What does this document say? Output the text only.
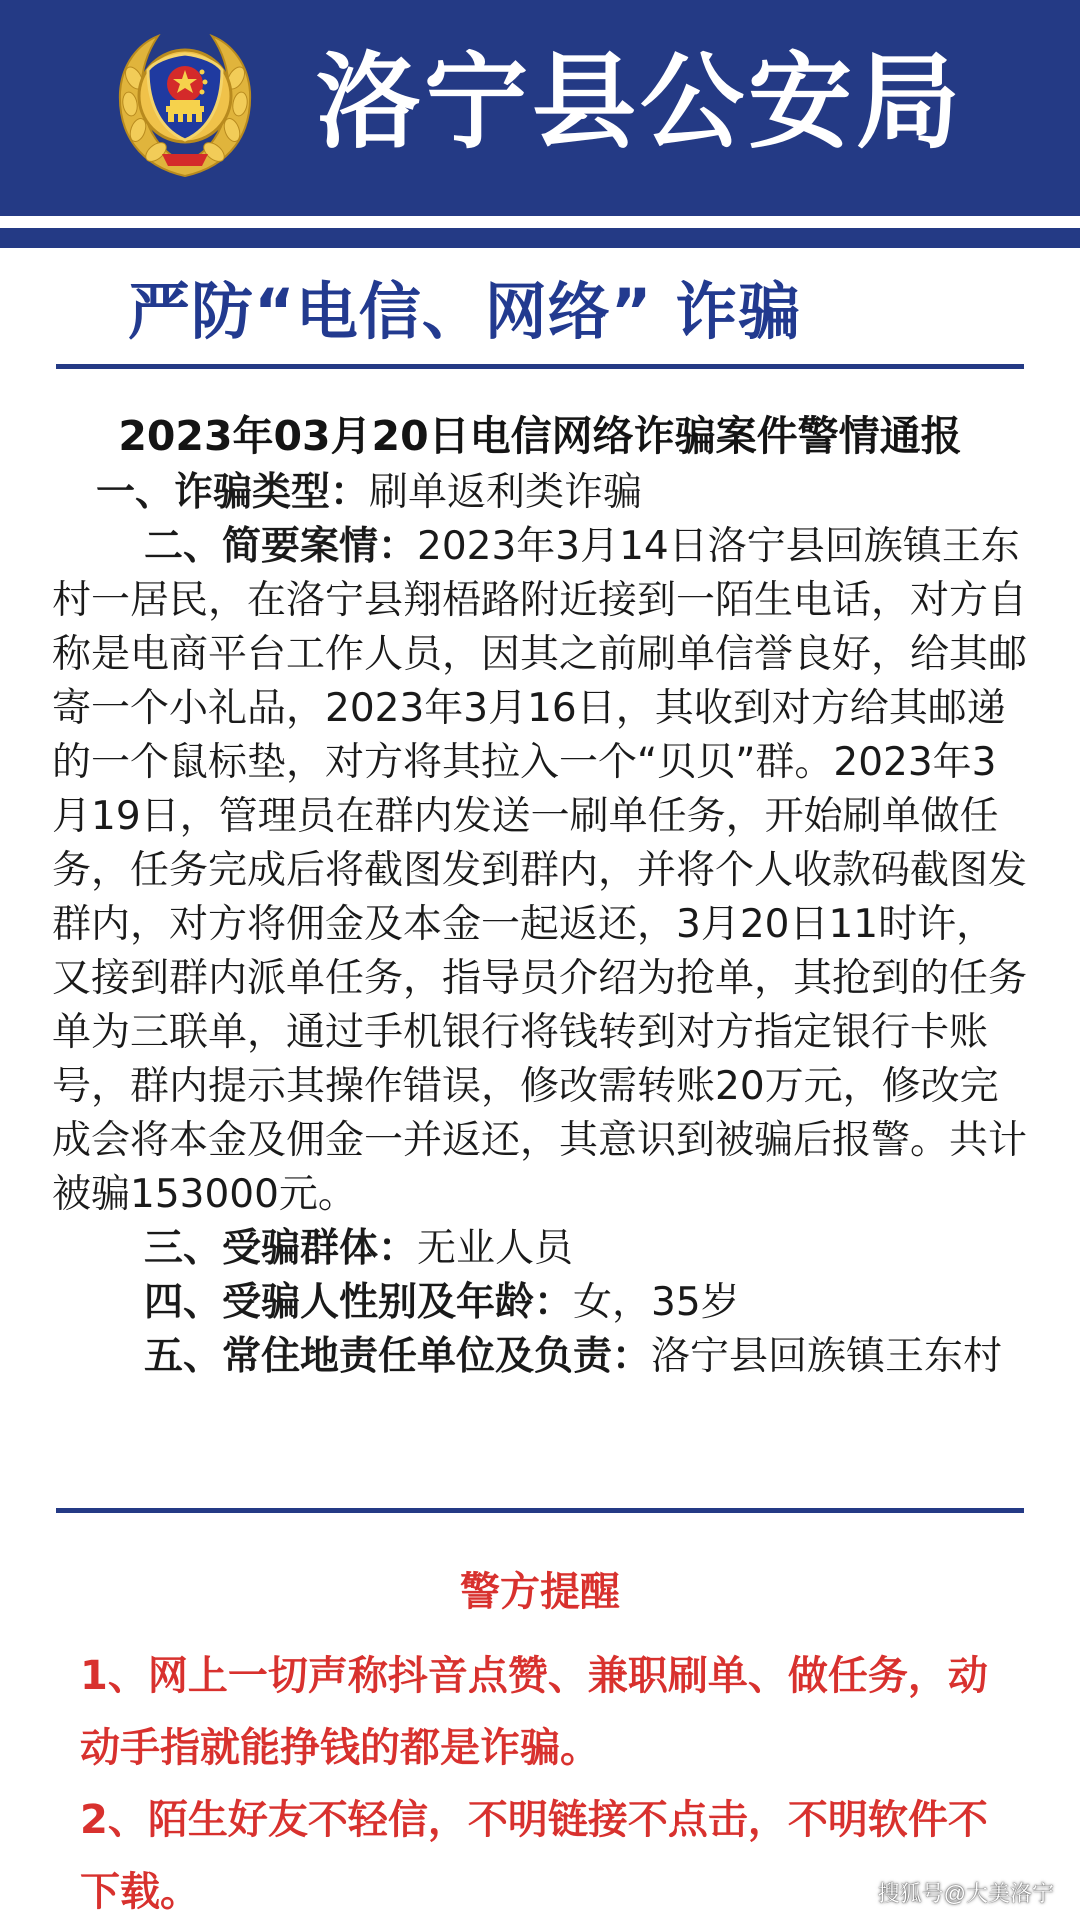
洛宁县公安局
严防“电信、网络” 诈骗
2023年03月20日电信网络诈骗案件警情通报

一、诈骗类型：刷单返利类诈骗

二、简要案情：2023年3月14日洛宁县回族镇王东村一居民，在洛宁县翔梧路附近接到一陌生电话，对方自称是电商平台工作人员，因其之前刷单信誉良好，给其邮寄一个小礼品，2023年3月16日，其收到对方给其邮递的一个鼠标垫，对方将其拉入一个“贝贝”群。2023年3月19日，管理员在群内发送一刷单任务，开始刷单做任务，任务完成后将截图发到群内，并将个人收款码截图发群内，对方将佣金及本金一起返还，3月20日11时许，又接到群内派单任务，指导员介绍为抢单，其抢到的任务单为三联单，通过手机银行将钱转到对方指定银行卡账号，群内提示其操作错误，修改需转账20万元，修改完成会将本金及佣金一并返还，其意识到被骗后报警。共计被骗153000元。

三、受骗群体：无业人员

四、受骗人性别及年龄：女，35岁

五、常住地责任单位及负责：洛宁县回族镇王东村

警方提醒

1、网上一切声称抖音点赞、兼职刷单、做任务，动动手指就能挣钱的都是诈骗。

2、陌生好友不轻信，不明链接不点击，不明软件不下载。	搜狐号@大美洛宁
